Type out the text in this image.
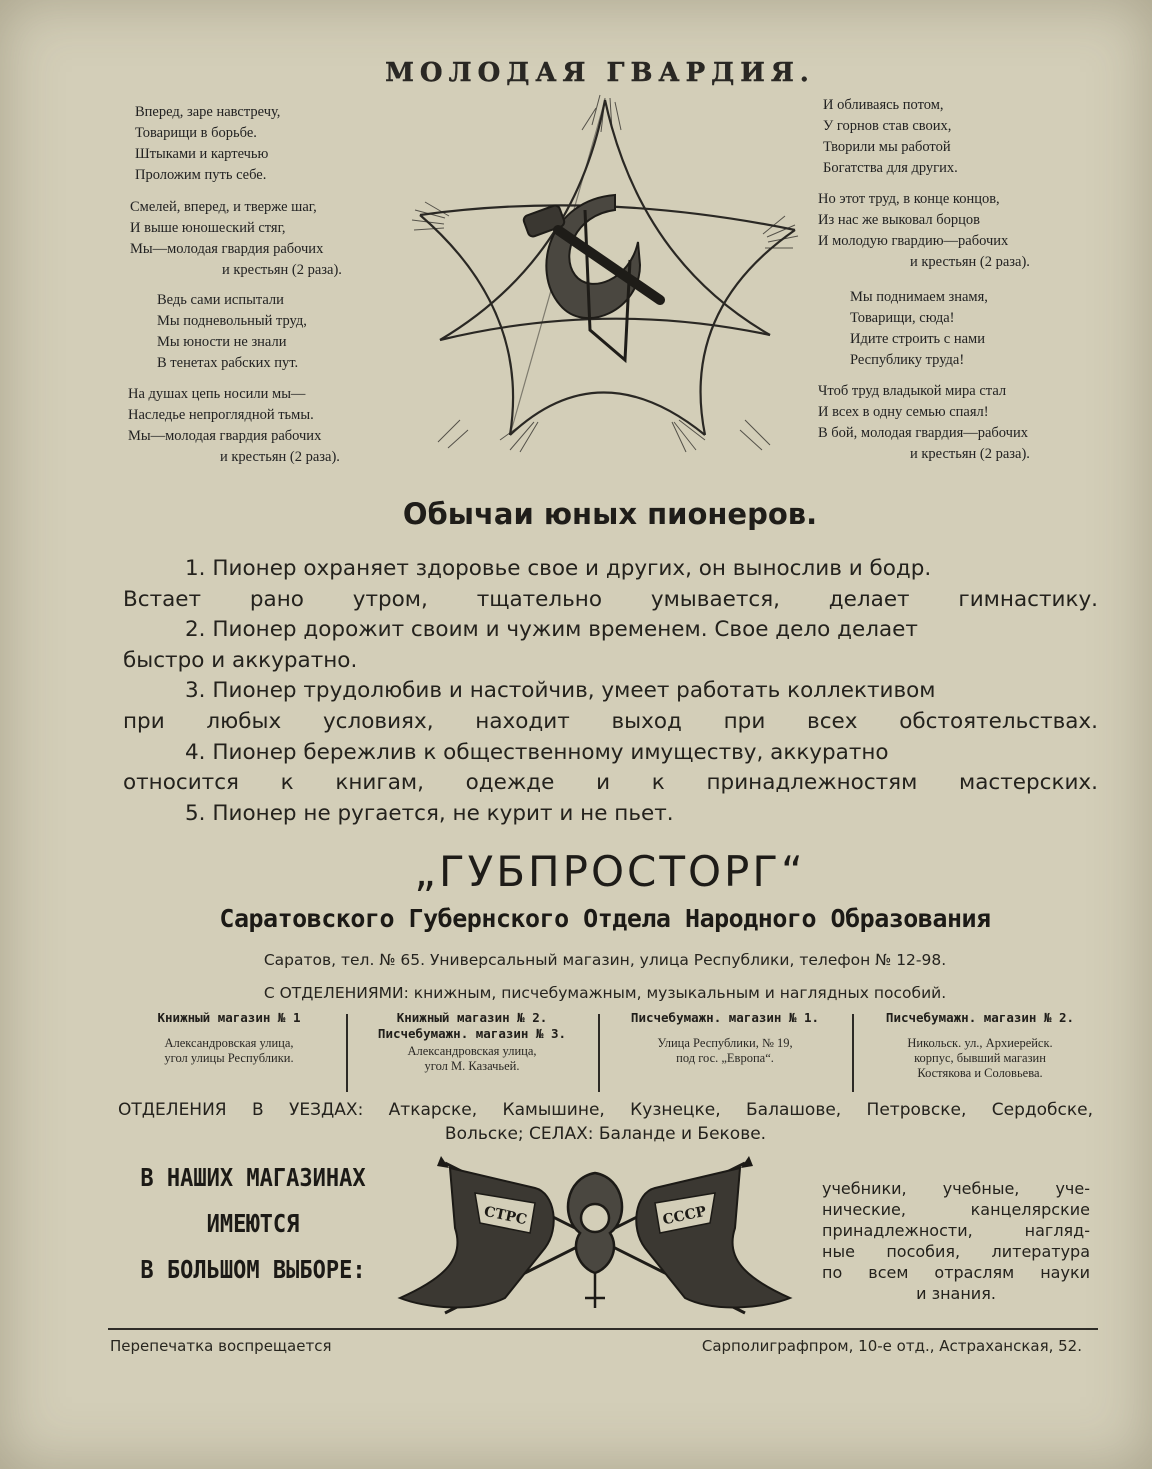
МОЛОДАЯ ГВАРДИЯ.
Вперед, заре навстречу,
Товарищи в борьбе.
Штыками и картечью
Проложим путь себе.
Смелей, вперед, и тверже шаг,
И выше юношеский стяг,
Мы—молодая гвардия рабочих
и крестьян (2 раза).
Ведь сами испытали
Мы подневольный труд,
Мы юности не знали
В тенетах рабских пут.
На душах цепь носили мы—
Наследье непроглядной тьмы.
Мы—молодая гвардия рабочих
и крестьян (2 раза).
И обливаясь потом,
У горнов став своих,
Творили мы работой
Богатства для других.
Но этот труд, в конце концов,
Из нас же выковал борцов
И молодую гвардию—рабочих
и крестьян (2 раза).
Мы поднимаем знамя,
Товарищи, сюда!
Идите строить с нами
Республику труда!
Чтоб труд владыкой мира стал
И всех в одну семью спаял!
В бой, молодая гвардия—рабочих
и крестьян (2 раза).
Обычаи юных пионеров.
1. Пионер охраняет здоровье свое и других, он вынослив и бодр.
Встает рано утром, тщательно умывается, делает гимнастику.
2. Пионер дорожит своим и чужим временем. Свое дело делает
быстро и аккуратно.
3. Пионер трудолюбив и настойчив, умеет работать коллективом
при любых условиях, находит выход при всех обстоятельствах.
4. Пионер бережлив к общественному имуществу, аккуратно
относится к книгам, одежде и к принадлежностям мастерских.
5. Пионер не ругается, не курит и не пьет.
„ГУБПРОСТОРГ“
Саратовского Губернского Отдела Народного Образования
Саратов, тел. № 65. Универсальный магазин, улица Республики, телефон № 12-98.
С ОТДЕЛЕНИЯМИ: книжным, писчебумажным, музыкальным и наглядных пособий.
Книжный магазин № 1
Александровская улица,
угол улицы Республики.
Книжный магазин № 2.
Писчебумажн. магазин № 3.
Александровская улица,
угол М. Казачьей.
Писчебумажн. магазин № 1.
Улица Республики, № 19,
под гос. „Европа“.
Писчебумажн. магазин № 2.
Никольск. ул., Архиерейск.
корпус, бывший магазин
Костякова и Соловьева.
ОТДЕЛЕНИЯ В УЕЗДАХ: Аткарске, Камышине, Кузнецке, Балашове, Петровске, Сердобске,
Вольске; СЕЛАХ: Баланде и Бекове.
В НАШИХ МАГАЗИНАХ
ИМЕЮТСЯ
В БОЛЬШОМ ВЫБОРЕ:
СТРС	СССР
учебники, учебные, уче-
нические, канцелярские
принадлежности, нагляд-
ные пособия, литература
по всем отраслям науки
и знания.
Перепечатка воспрещается	Сарполиграфпром, 10-е отд., Астраханская, 52.
